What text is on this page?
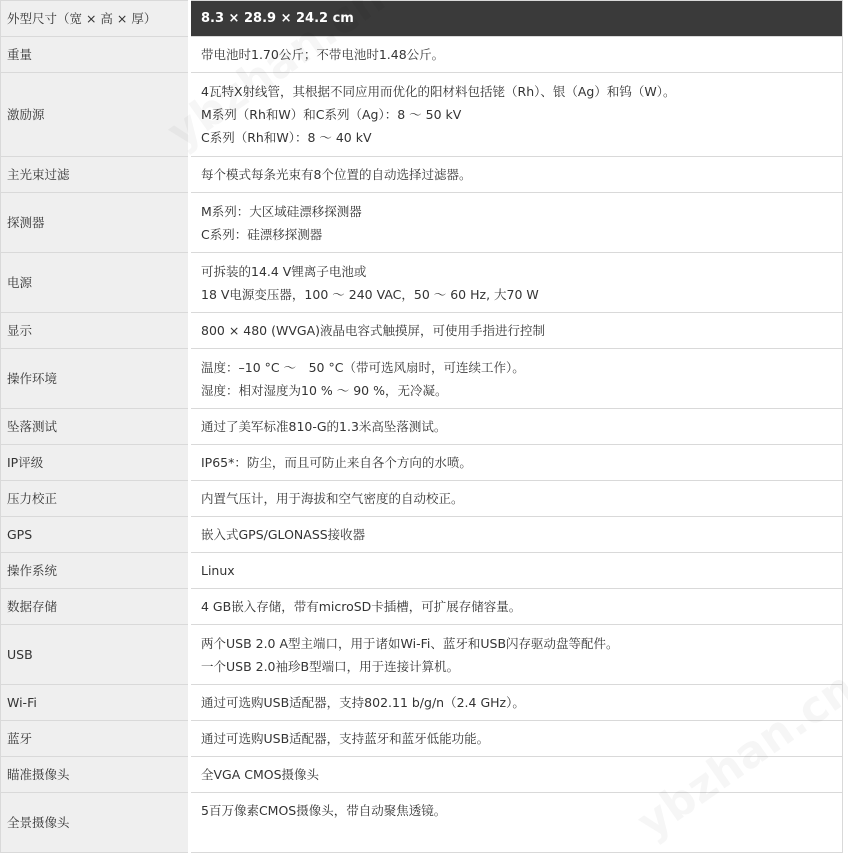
外型尺寸（宽 × 高 × 厚）	8.3 × 28.9 × 24.2 cm

重量	带电池时1.70公斤；不带电池时1.48公斤。

激励源	4瓦特X射线管，其根据不同应用而优化的阳材料包括铑（Rh）、银（Ag）和钨（W）。
M系列（Rh和W）和C系列（Ag）：8 ～ 50 kV
C系列（Rh和W）：8 ～ 40 kV

主光束过滤	每个模式每条光束有8个位置的自动选择过滤器。

探测器	M系列：大区域硅漂移探测器
C系列：硅漂移探测器

电源	可拆装的14.4 V锂离子电池或
18 V电源变压器，100 ～ 240 VAC，50 ～ 60 Hz, 大70 W

显示	800 × 480 (WVGA)液晶电容式触摸屏，可使用手指进行控制

操作环境	温度：–10 °C ～　50 °C（带可选风扇时，可连续工作）。
湿度：相对湿度为10 % ～ 90 %，无冷凝。

坠落测试	通过了美军标准810-G的1.3米高坠落测试。

IP评级	IP65*：防尘，而且可防止来自各个方向的水喷。

压力校正	内置气压计，用于海拔和空气密度的自动校正。

GPS	嵌入式GPS/GLONASS接收器

操作系统	Linux

数据存储	4 GB嵌入存储，带有microSD卡插槽，可扩展存储容量。

USB	两个USB 2.0 A型主端口，用于诸如Wi-Fi、蓝牙和USB闪存驱动盘等配件。
一个USB 2.0袖珍B型端口，用于连接计算机。

Wi-Fi	通过可选购USB适配器，支持802.11 b/g/n（2.4 GHz）。

蓝牙	通过可选购USB适配器，支持蓝牙和蓝牙低能功能。

瞄准摄像头	全VGA CMOS摄像头

全景摄像头	5百万像素CMOS摄像头，带自动聚焦透镜。
